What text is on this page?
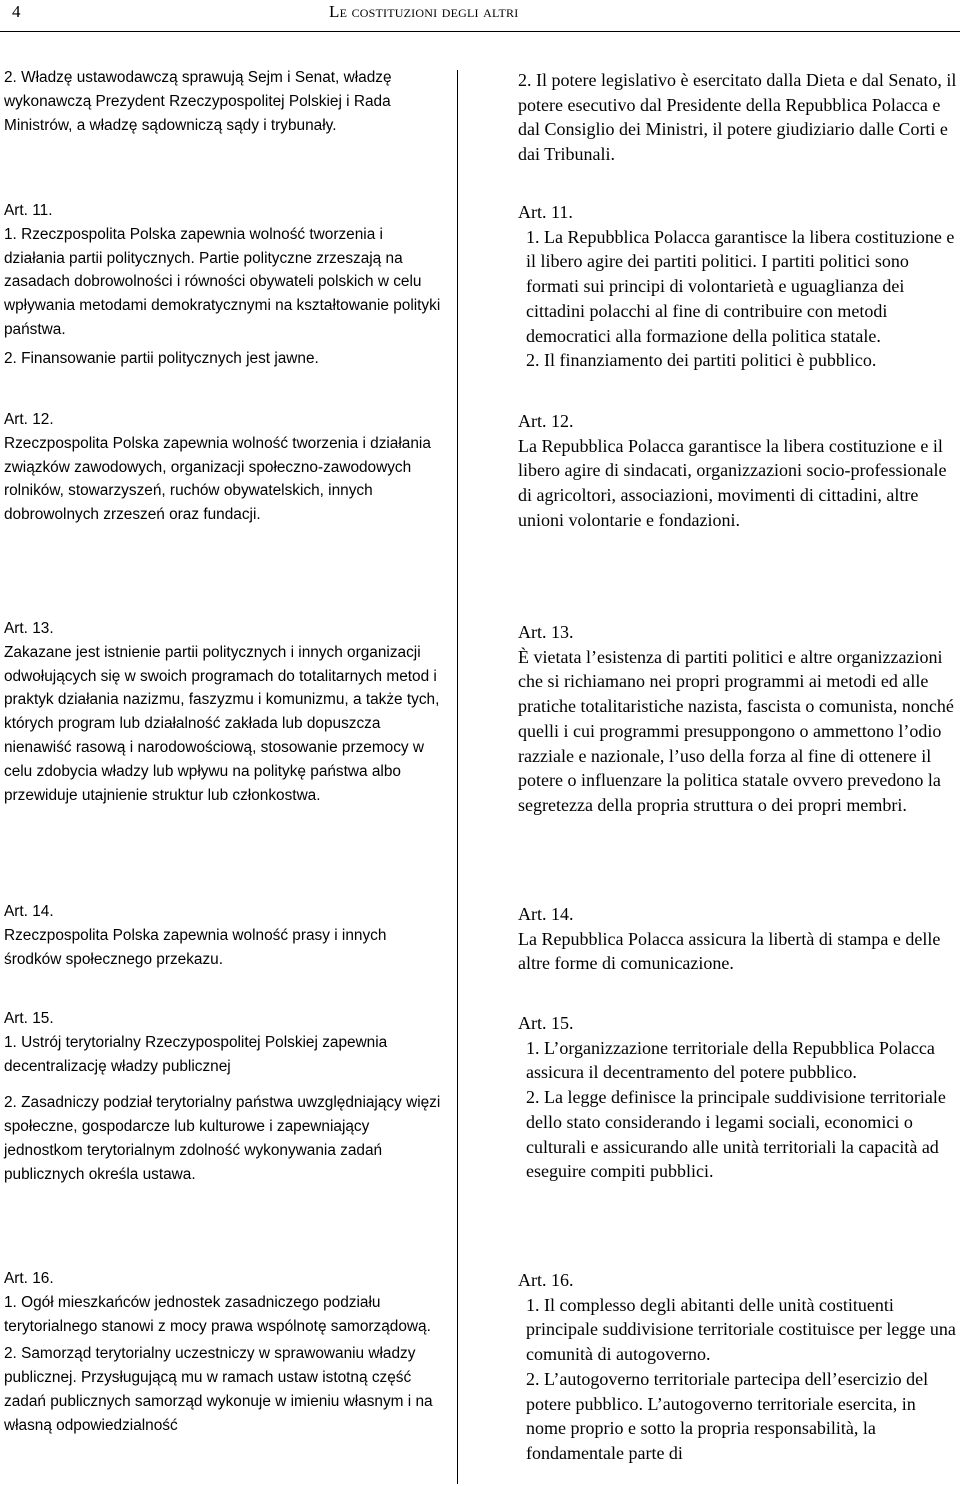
4	Le costituzioni degli altri

2. Władzę ustawodawczą sprawują Sejm i Senat, władzę wykonawczą Prezydent Rzeczypospolitej Polskiej i Rada Ministrów, a władzę sądowniczą sądy i trybunały.

Art. 11.

1. Rzeczpospolita Polska zapewnia wolność tworzenia i działania partii politycznych. Partie polityczne zrzeszają na zasadach dobrowolności i równości obywateli polskich w celu wpływania metodami demokratycznymi na kształtowanie polityki państwa.

2. Finansowanie partii politycznych jest jawne.

Art. 12.

Rzeczpospolita Polska zapewnia wolność tworzenia i działania związków zawodowych, organizacji społeczno-zawodowych rolników, stowarzyszeń, ruchów obywatelskich, innych dobrowolnych zrzeszeń oraz fundacji.

Art. 13.

Zakazane jest istnienie partii politycznych i innych organizacji odwołujących się w swoich programach do totalitarnych metod i praktyk działania nazizmu, faszyzmu i komunizmu, a także tych, których program lub działalność zakłada lub dopuszcza nienawiść rasową i narodowościową, stosowanie przemocy w celu zdobycia władzy lub wpływu na politykę państwa albo przewiduje utajnienie struktur lub członkostwa.

Art. 14.

Rzeczpospolita Polska zapewnia wolność prasy i innych środków społecznego przekazu.

Art. 15.

1. Ustrój terytorialny Rzeczypospolitej Polskiej zapewnia decentralizację władzy publicznej

2. Zasadniczy podział terytorialny państwa uwzględniający więzi społeczne, gospodarcze lub kulturowe i zapewniający jednostkom terytorialnym zdolność wykonywania zadań publicznych określa ustawa.

Art. 16.

1. Ogół mieszkańców jednostek zasadniczego podziału terytorialnego stanowi z mocy prawa wspólnotę samorządową.

2. Samorząd terytorialny uczestniczy w sprawowaniu władzy publicznej. Przysługującą mu w ramach ustaw istotną część zadań publicznych samorząd wykonuje w imieniu własnym i na własną odpowiedzialność

2. Il potere legislativo è esercitato dalla Dieta e dal Senato, il potere esecutivo dal Presidente della Repubblica Polacca e dal Consiglio dei Ministri, il potere giudiziario dalle Corti e dai Tribunali.

Art. 11.

1. La Repubblica Polacca garantisce la libera costituzione e il libero agire dei partiti politici. I partiti politici sono formati sui principi di volontarietà e uguaglianza dei cittadini polacchi al fine di contribuire con metodi democratici alla formazione della politica statale.

2. Il finanziamento dei partiti politici è pubblico.

Art. 12.

La Repubblica Polacca garantisce la libera costituzione e il libero agire di sindacati, organizzazioni socio-professionale di agricoltori, associazioni, movimenti di cittadini, altre unioni volontarie e fondazioni.

Art. 13.

È vietata l’esistenza di partiti politici e altre organizzazioni che si richiamano nei propri programmi ai metodi ed alle pratiche totalitaristiche nazista, fascista o comunista, nonché quelli i cui programmi presuppongono o ammettono l’odio razziale e nazionale, l’uso della forza al fine di ottenere il potere o influenzare la politica statale ovvero prevedono la segretezza della propria struttura o dei propri membri.

Art. 14.

La Repubblica Polacca assicura la libertà di stampa e delle altre forme di comunicazione.

Art. 15.

1. L’organizzazione territoriale della Repubblica Polacca assicura il decentramento del potere pubblico.

2. La legge definisce la principale suddivisione territoriale dello stato considerando i legami sociali, economici o culturali e assicurando alle unità territoriali la capacità ad eseguire compiti pubblici.

Art. 16.

1. Il complesso degli abitanti delle unità costituenti principale suddivisione territoriale costituisce per legge una comunità di autogoverno.

2. L’autogoverno territoriale partecipa dell’esercizio del potere pubblico. L’autogoverno territoriale esercita, in nome proprio e sotto la propria responsabilità, la fondamentale parte di
